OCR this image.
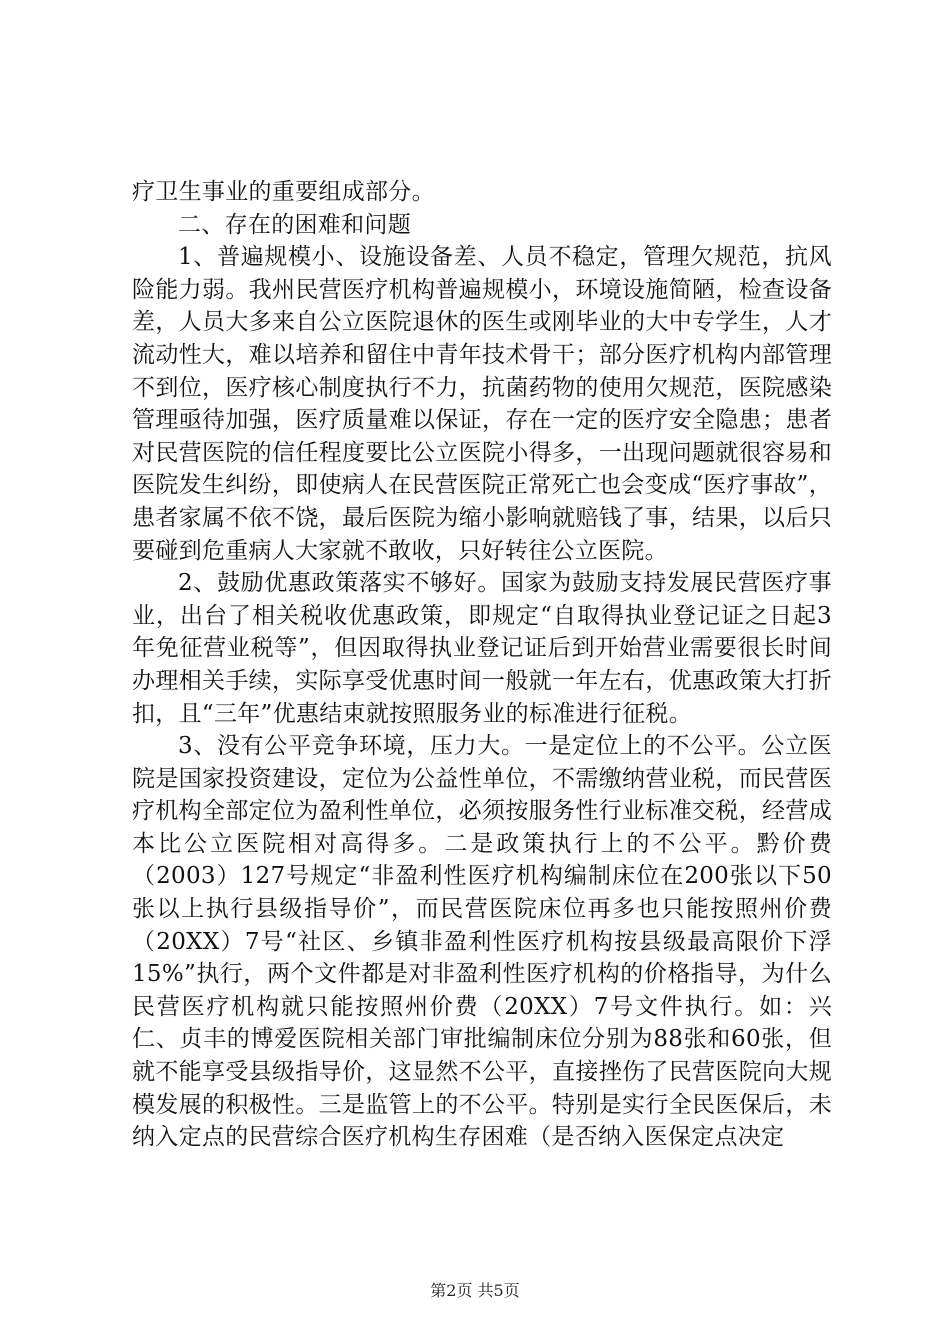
疗卫生事业的重要组成部分。

二、存在的困难和问题

1、普遍规模小、设施设备差、人员不稳定，管理欠规范，抗风险能力弱。我州民营医疗机构普遍规模小，环境设施简陋，检查设备差，人员大多来自公立医院退休的医生或刚毕业的大中专学生，人才流动性大，难以培养和留住中青年技术骨干；部分医疗机构内部管理不到位，医疗核心制度执行不力，抗菌药物的使用欠规范，医院感染管理亟待加强，医疗质量难以保证，存在一定的医疗安全隐患；患者对民营医院的信任程度要比公立医院小得多，一出现问题就很容易和医院发生纠纷，即使病人在民营医院正常死亡也会变成“医疗事故”，患者家属不依不饶，最后医院为缩小影响就赔钱了事，结果，以后只要碰到危重病人大家就不敢收，只好转往公立医院。

2、鼓励优惠政策落实不够好。国家为鼓励支持发展民营医疗事业，出台了相关税收优惠政策，即规定“自取得执业登记证之日起3年免征营业税等”，但因取得执业登记证后到开始营业需要很长时间办理相关手续，实际享受优惠时间一般就一年左右，优惠政策大打折扣，且“三年”优惠结束就按照服务业的标准进行征税。

3、没有公平竞争环境，压力大。一是定位上的不公平。公立医院是国家投资建设，定位为公益性单位，不需缴纳营业税，而民营医疗机构全部定位为盈利性单位，必须按服务性行业标准交税，经营成本比公立医院相对高得多。二是政策执行上的不公平。黔价费（2003）127号规定“非盈利性医疗机构编制床位在200张以下50张以上执行县级指导价”，而民营医院床位再多也只能按照州价费（20XX）7号“社区、乡镇非盈利性医疗机构按县级最高限价下浮15%”执行，两个文件都是对非盈利性医疗机构的价格指导，为什么民营医疗机构就只能按照州价费（20XX）7号文件执行。如：兴仁、贞丰的博爱医院相关部门审批编制床位分别为88张和60张，但就不能享受县级指导价，这显然不公平，直接挫伤了民营医院向大规模发展的积极性。三是监管上的不公平。特别是实行全民医保后，未纳入定点的民营综合医疗机构生存困难（是否纳入医保定点决定

第2页 共5页
